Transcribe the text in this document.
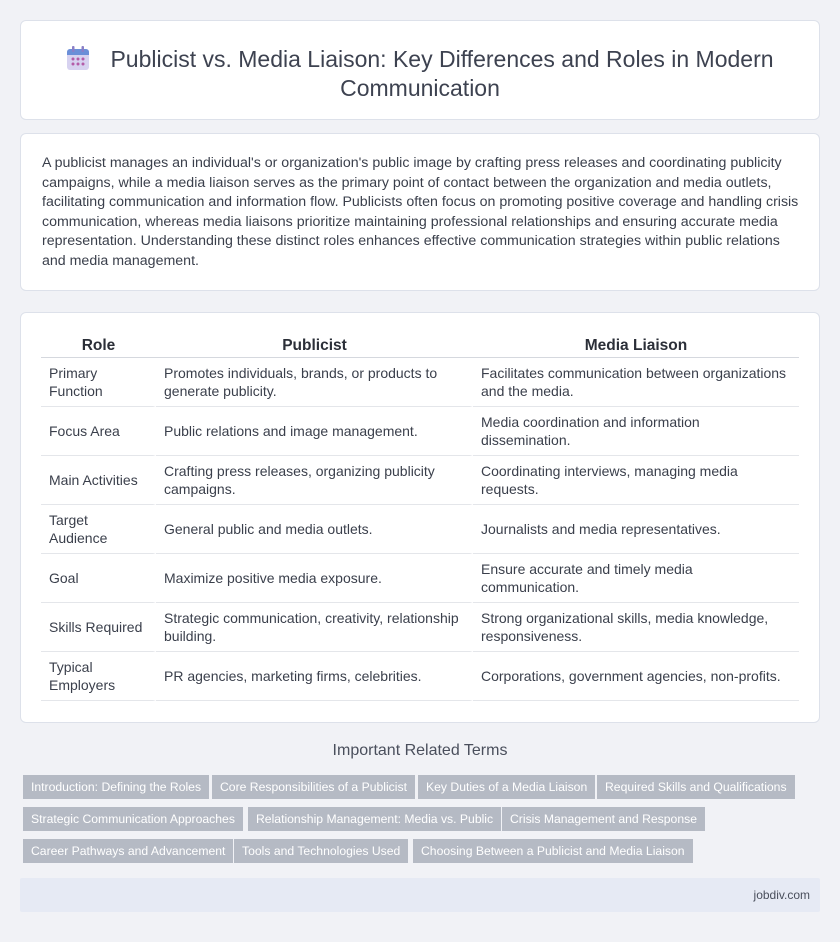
Publicist vs. Media Liaison: Key Differences and Roles in Modern
Communication

A publicist manages an individual's or organization's public image by crafting press releases and coordinating publicity campaigns, while a media liaison serves as the primary point of contact between the organization and media outlets, facilitating communication and information flow. Publicists often focus on promoting positive coverage and handling crisis communication, whereas media liaisons prioritize maintaining professional relationships and ensuring accurate media representation. Understanding these distinct roles enhances effective communication strategies within public relations and media management.

Role	Publicist	Media Liaison
Primary Function	Promotes individuals, brands, or products to generate publicity.	Facilitates communication between organizations and the media.
Focus Area	Public relations and image management.	Media coordination and information dissemination.
Main Activities	Crafting press releases, organizing publicity campaigns.	Coordinating interviews, managing media requests.
Target Audience	General public and media outlets.	Journalists and media representatives.
Goal	Maximize positive media exposure.	Ensure accurate and timely media communication.
Skills Required	Strategic communication, creativity, relationship building.	Strong organizational skills, media knowledge, responsiveness.
Typical Employers	PR agencies, marketing firms, celebrities.	Corporations, government agencies, non-profits.
Important Related Terms
Introduction: Defining the Roles	Core Responsibilities of a Publicist	Key Duties of a Media Liaison	Required Skills and Qualifications
Strategic Communication Approaches	Relationship Management: Media vs. Public	Crisis Management and Response
Career Pathways and Advancement	Tools and Technologies Used	Choosing Between a Publicist and Media Liaison
jobdiv.com
